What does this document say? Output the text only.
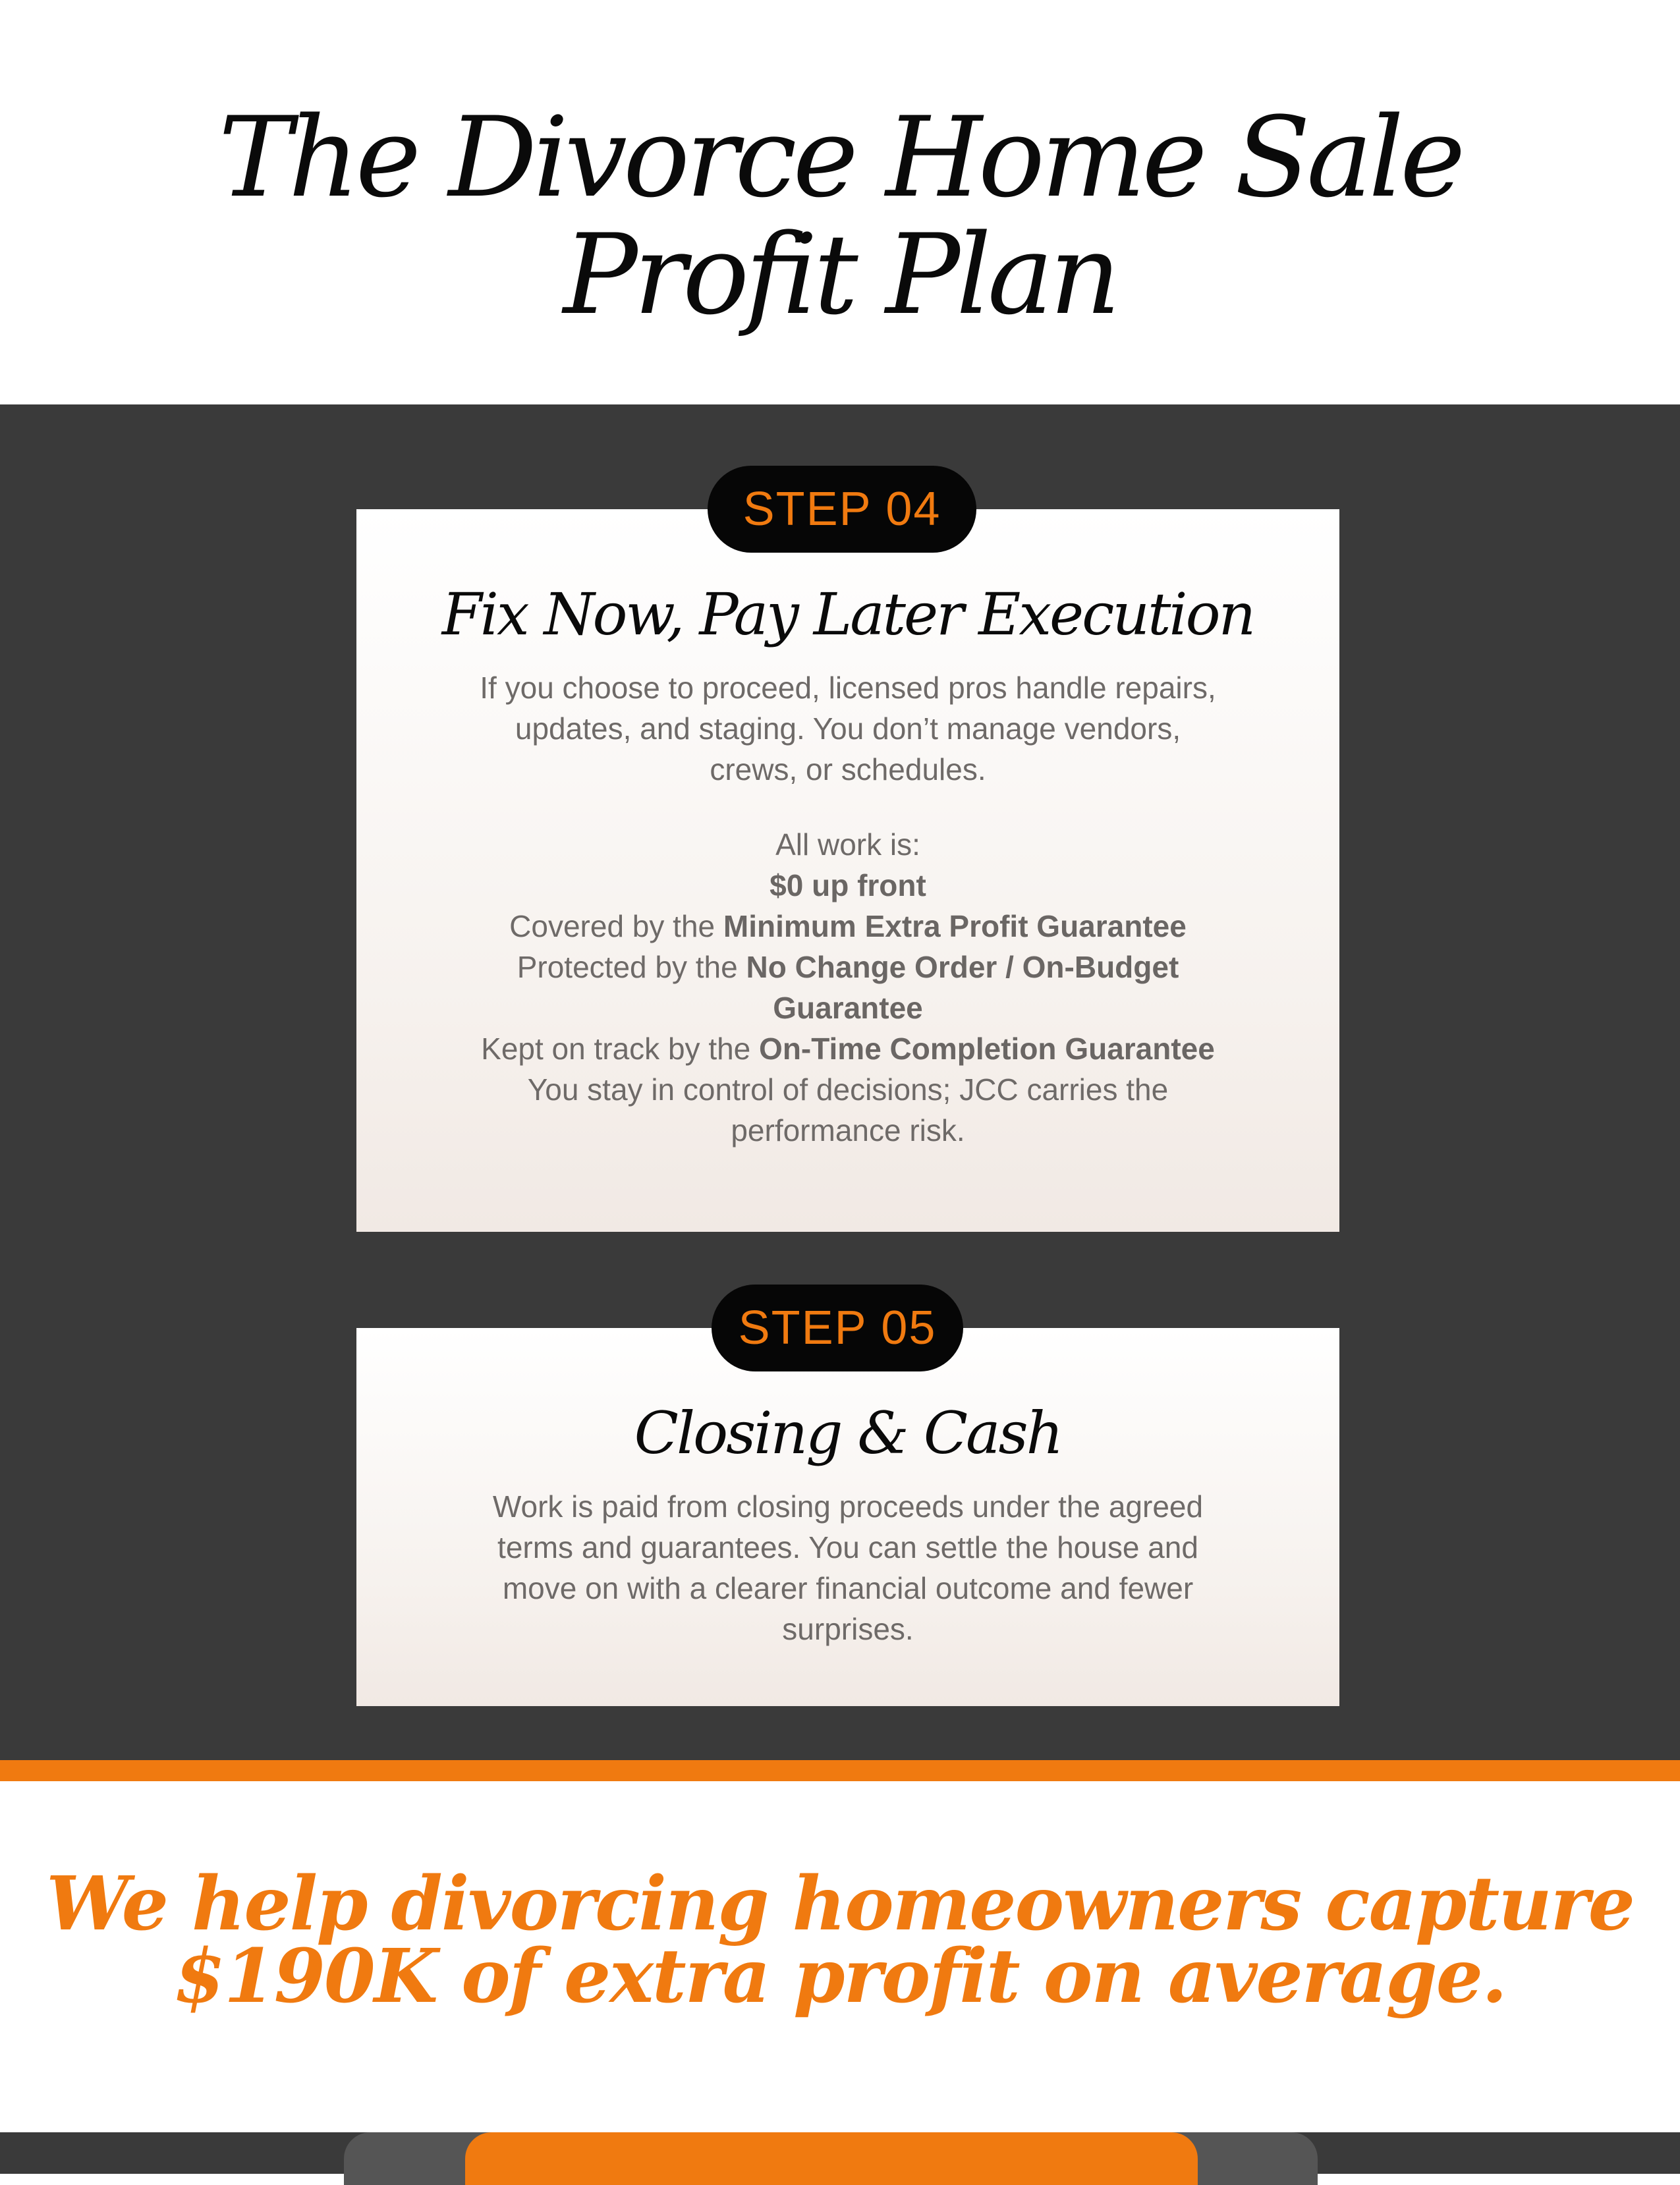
The Divorce Home Sale
Profit Plan
Fix Now, Pay Later Execution

If you choose to proceed, licensed pros handle repairs, updates, and staging. You don’t manage vendors, crews, or schedules.

All work is:
$0 up front
Covered by the Minimum Extra Profit Guarantee
Protected by the No Change Order / On-Budget Guarantee
Kept on track by the On-Time Completion Guarantee
You stay in control of decisions; JCC carries the performance risk.
STEP 04
Closing & Cash

Work is paid from closing proceeds under the agreed terms and guarantees. You can settle the house and move on with a clearer financial outcome and fewer surprises.

STEP 05
We help divorcing homeowners capture
$190K of extra profit on average.
